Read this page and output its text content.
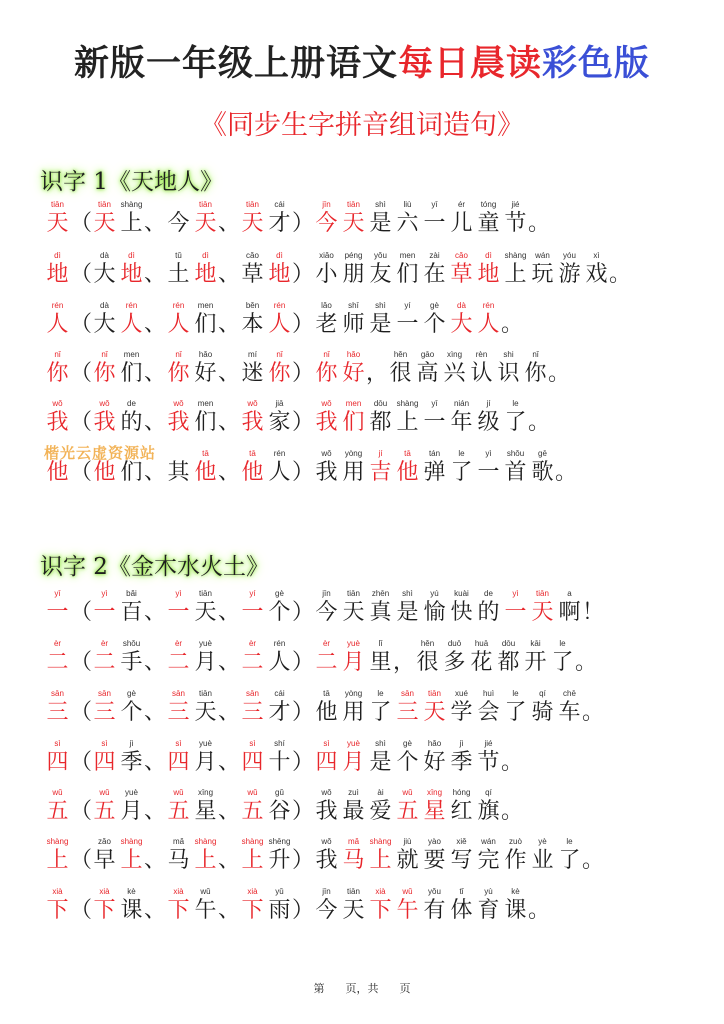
新版一年级上册语文每日晨读彩色版
《同步生字拼音组词造句》
识字 1《天地人》
tiān
天 （
tiān
天
shàng
上 、 今
tiān
天 、
tiān
天
cái
才 ）
jīn
今
tiān
天
shì
是
liù
六
yī
一
ér
儿
tóng
童
jié
节 。
dì
地 （
dà
大
dì
地 、
tǔ
土
dì
地 、
cǎo
草
dì
地 ）
xiǎo
小
péng
朋
yǒu
友
men
们
zài
在
cǎo
草
dì
地
shàng
上
wán
玩
yóu
游
xì
戏 。
rén
人 （
dà
大
rén
人 、
rén
人
men
们 、
běn
本
rén
人 ）
lǎo
老
shī
师
shì
是
yí
一
gè
个
dà
大
rén
人 。
nǐ
你 （
nǐ
你
men
们 、
nǐ
你
hǎo
好 、
mí
迷
nǐ
你 ）
nǐ
你
hǎo
好 ，
hěn
很
gāo
高
xìng
兴
rèn
认
shi
识
nǐ
你 。
wǒ
我 （
wǒ
我
de
的 、
wǒ
我
men
们 、
wǒ
我
jiā
家 ）
wǒ
我
men
们
dōu
都
shàng
上
yī
一
nián
年
jí
级
le
了 。
他 （ 他 们 、 其
tā
他 、
tā
他
rén
人 ）
wǒ
我
yòng
用
jí
吉
tā
他
tán
弹
le
了
yì
一
shǒu
首
gē
歌 。
识字 2《金木水火土》
yī
一 （
yì
一
bǎi
百 、
yì
一
tiān
天 、
yí
一
gè
个 ）
jīn
今
tiān
天
zhēn
真
shì
是
yú
愉
kuài
快
de
的
yì
一
tiān
天
a
啊 ！
èr
二 （
èr
二
shǒu
手 、
èr
二
yuè
月 、
èr
二
rén
人 ）
èr
二
yuè
月
lǐ
里 ，
hěn
很
duō
多
huā
花
dōu
都
kāi
开
le
了 。
sān
三 （
sān
三
gè
个 、
sān
三
tiān
天 、
sān
三
cái
才 ）
tā
他
yòng
用
le
了
sān
三
tiān
天
xué
学
huì
会
le
了
qí
骑
chē
车 。
sì
四 （
sì
四
jì
季 、
sì
四
yuè
月 、
sì
四
shí
十 ）
sì
四
yuè
月
shì
是
gè
个
hǎo
好
jì
季
jié
节 。
wǔ
五 （
wǔ
五
yuè
月 、
wǔ
五
xīng
星 、
wǔ
五
gǔ
谷 ）
wǒ
我
zuì
最
ài
爱
wǔ
五
xīng
星
hóng
红
qí
旗 。
shàng
上 （
zǎo
早
shàng
上 、
mǎ
马
shàng
上 、
shàng
上
shēng
升 ）
wǒ
我
mǎ
马
shàng
上
jiù
就
yào
要
xiě
写
wán
完
zuò
作
yè
业
le
了 。
xià
下 （
xià
下
kè
课 、
xià
下
wǔ
午 、
xià
下
yǔ
雨 ）
jīn
今
tiān
天
xià
下
wǔ
午
yǒu
有
tǐ
体
yù
育
kè
课 。
楷光云虚资源站
第 页，共 页
